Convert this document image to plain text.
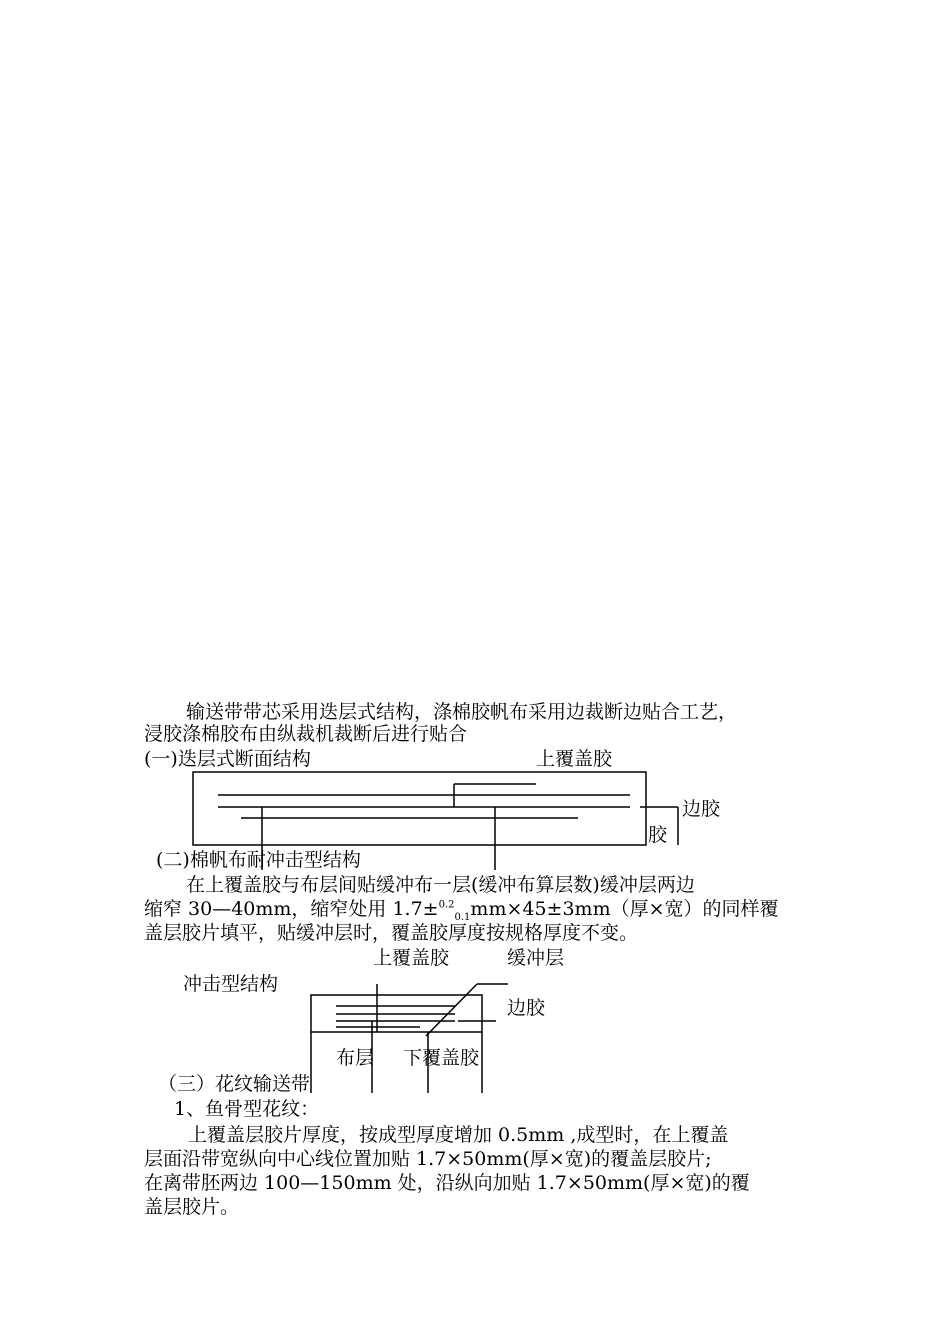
输送带带芯采用迭层式结构，涤棉胶帆布采用边裁断边贴合工艺，
浸胶涤棉胶布由纵裁机裁断后进行贴合
(一)迭层式断面结构	上覆盖胶
边胶
胶
(二)棉帆布耐冲击型结构
在上覆盖胶与布层间贴缓冲布一层(缓冲布算层数)缓冲层两边
缩窄 30—40mm，缩窄处用 1.7±$^{0.2}_{0.1}$mm×45±3mm（厚×宽）的同样覆
盖层胶片填平，贴缓冲层时，覆盖胶厚度按规格厚度不变。
上覆盖胶	缓冲层
冲击型结构
边胶
布层 下覆盖胶
（三）花纹输送带
1、鱼骨型花纹：
上覆盖层胶片厚度，按成型厚度增加 0.5mm ,成型时，在上覆盖
层面沿带宽纵向中心线位置加贴 1.7×50mm(厚×宽)的覆盖层胶片;
在离带胚两边 100—150mm 处，沿纵向加贴 1.7×50mm(厚×宽)的覆
盖层胶片。
